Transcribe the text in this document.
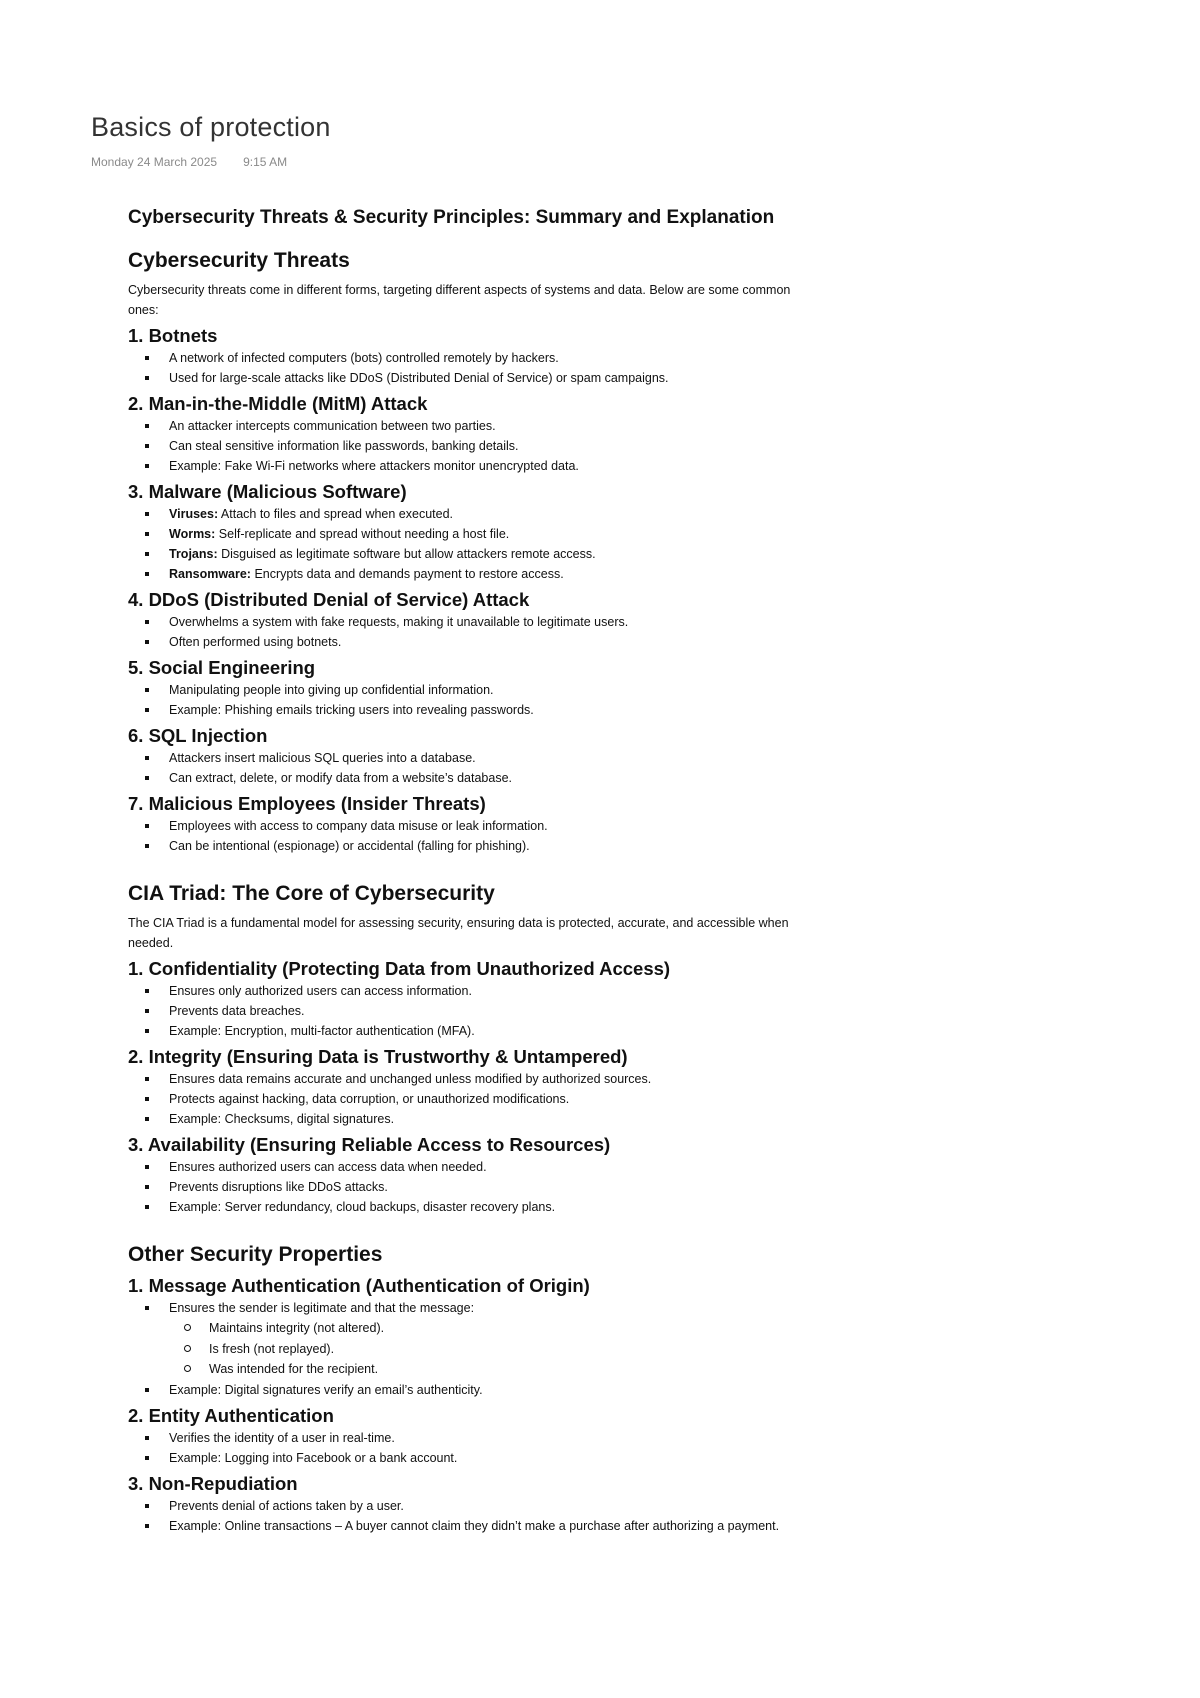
Basics of protection
Monday 24 March 2025 9:15 AM
Cybersecurity Threats & Security Principles: Summary and Explanation
Cybersecurity Threats

Cybersecurity threats come in different forms, targeting different aspects of systems and data. Below are some common ones:

1. Botnets
A network of infected computers (bots) controlled remotely by hackers.
Used for large-scale attacks like DDoS (Distributed Denial of Service) or spam campaigns.
2. Man-in-the-Middle (MitM) Attack
An attacker intercepts communication between two parties.
Can steal sensitive information like passwords, banking details.
Example: Fake Wi-Fi networks where attackers monitor unencrypted data.
3. Malware (Malicious Software)
Viruses: Attach to files and spread when executed.
Worms: Self-replicate and spread without needing a host file.
Trojans: Disguised as legitimate software but allow attackers remote access.
Ransomware: Encrypts data and demands payment to restore access.
4. DDoS (Distributed Denial of Service) Attack
Overwhelms a system with fake requests, making it unavailable to legitimate users.
Often performed using botnets.
5. Social Engineering
Manipulating people into giving up confidential information.
Example: Phishing emails tricking users into revealing passwords.
6. SQL Injection
Attackers insert malicious SQL queries into a database.
Can extract, delete, or modify data from a website’s database.
7. Malicious Employees (Insider Threats)
Employees with access to company data misuse or leak information.
Can be intentional (espionage) or accidental (falling for phishing).
CIA Triad: The Core of Cybersecurity

The CIA Triad is a fundamental model for assessing security, ensuring data is protected, accurate, and accessible when needed.

1. Confidentiality (Protecting Data from Unauthorized Access)
Ensures only authorized users can access information.
Prevents data breaches.
Example: Encryption, multi-factor authentication (MFA).
2. Integrity (Ensuring Data is Trustworthy & Untampered)
Ensures data remains accurate and unchanged unless modified by authorized sources.
Protects against hacking, data corruption, or unauthorized modifications.
Example: Checksums, digital signatures.
3. Availability (Ensuring Reliable Access to Resources)
Ensures authorized users can access data when needed.
Prevents disruptions like DDoS attacks.
Example: Server redundancy, cloud backups, disaster recovery plans.
Other Security Properties
1. Message Authentication (Authentication of Origin)
Ensures the sender is legitimate and that the message:
Maintains integrity (not altered).
Is fresh (not replayed).
Was intended for the recipient.
Example: Digital signatures verify an email’s authenticity.
2. Entity Authentication
Verifies the identity of a user in real-time.
Example: Logging into Facebook or a bank account.
3. Non-Repudiation
Prevents denial of actions taken by a user.
Example: Online transactions – A buyer cannot claim they didn’t make a purchase after authorizing a payment.
